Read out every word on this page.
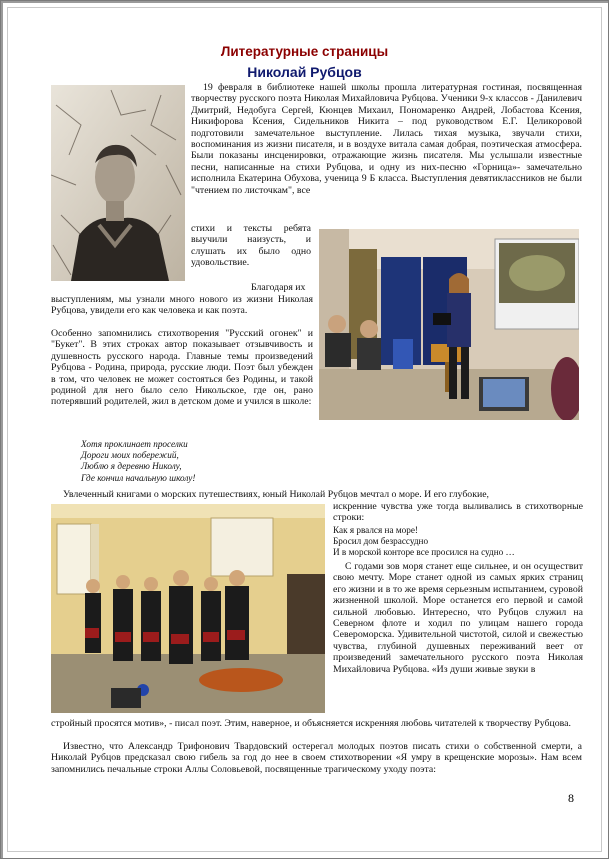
Литературные страницы
Николай Рубцов

19 февраля в библиотеке нашей школы прошла литературная гостиная, посвященная творчеству русского поэта Николая Михайловича Рубцова. Ученики 9-х классов - Данилевич Дмитрий, Недобуга Сергей, Кюнцев Михаил, Пономаренко Андрей, Лобастова Ксения, Никифорова Ксения, Сидельников Никита – под руководством Е.Г. Целикоровой подготовили замечательное выступление. Лилась тихая музыка, звучали стихи, воспоминания из жизни писателя, и в воздухе витала самая добрая, поэтическая атмосфера. Были показаны инсценировки, отражающие жизнь писателя. Мы услышали известные песни, написанные на стихи Рубцова, и одну из них-песню «Горница»- замечательно исполнила Екатерина Обухова, ученица 9 Б класса. Выступления девятиклассников не были "чтением по листочкам", все

стихи и тексты ребята выучили наизусть, и слушать их было одно удовольствие.

Благодаря их

выступлениям, мы узнали много нового из жизни Николая Рубцова, увидели его как человека и как поэта.

Особенно запомнились стихотворения "Русский огонек" и "Букет". В этих строках автор показывает отзывчивость и душевность русского народа. Главные темы произведений Рубцова - Родина, природа, русские люди. Поэт был убежден в том, что человек не может состояться без Родины, и такой родиной для него было село Никольское, где он, рано потерявший родителей, жил в детском доме и учился в школе:

Хотя проклинает проселки
Дороги моих побережий,
Люблю я деревню Николу,
Где кончил начальную школу!

Увлеченный книгами о морских путешествиях, юный Николай Рубцов мечтал о море. И его глубокие,

искренние чувства уже тогда выливались в стихотворные строки:

Как я рвался на море!
Бросил дом безрассудно
И в морской конторе все просился на судно …

С годами зов моря станет еще сильнее, и он осуществит свою мечту. Море станет одной из самых ярких страниц его жизни и в то же время серьезным испытанием, суровой жизненной школой. Море останется его первой и самой сильной любовью. Интересно, что Рубцов служил на Северном флоте и ходил по улицам нашего города Североморска. Удивительной чистотой, силой и свежестью чувства, глубиной душевных переживаний веет от произведений замечательного русского поэта Николая Михайловича Рубцова. «Из души живые звуки в

стройный просятся мотив», - писал поэт. Этим, наверное, и объясняется искренняя любовь читателей к творчеству Рубцова.

Известно, что Александр Трифонович Твардовский остерегал молодых поэтов писать стихи о собственной смерти, а Николай Рубцов предсказал свою гибель за год до нее в своем стихотворении «Я умру в крещенские морозы». Нам всем запомнились печальные строки Аллы Соловьевой, посвященные трагическому уходу поэта:

8
